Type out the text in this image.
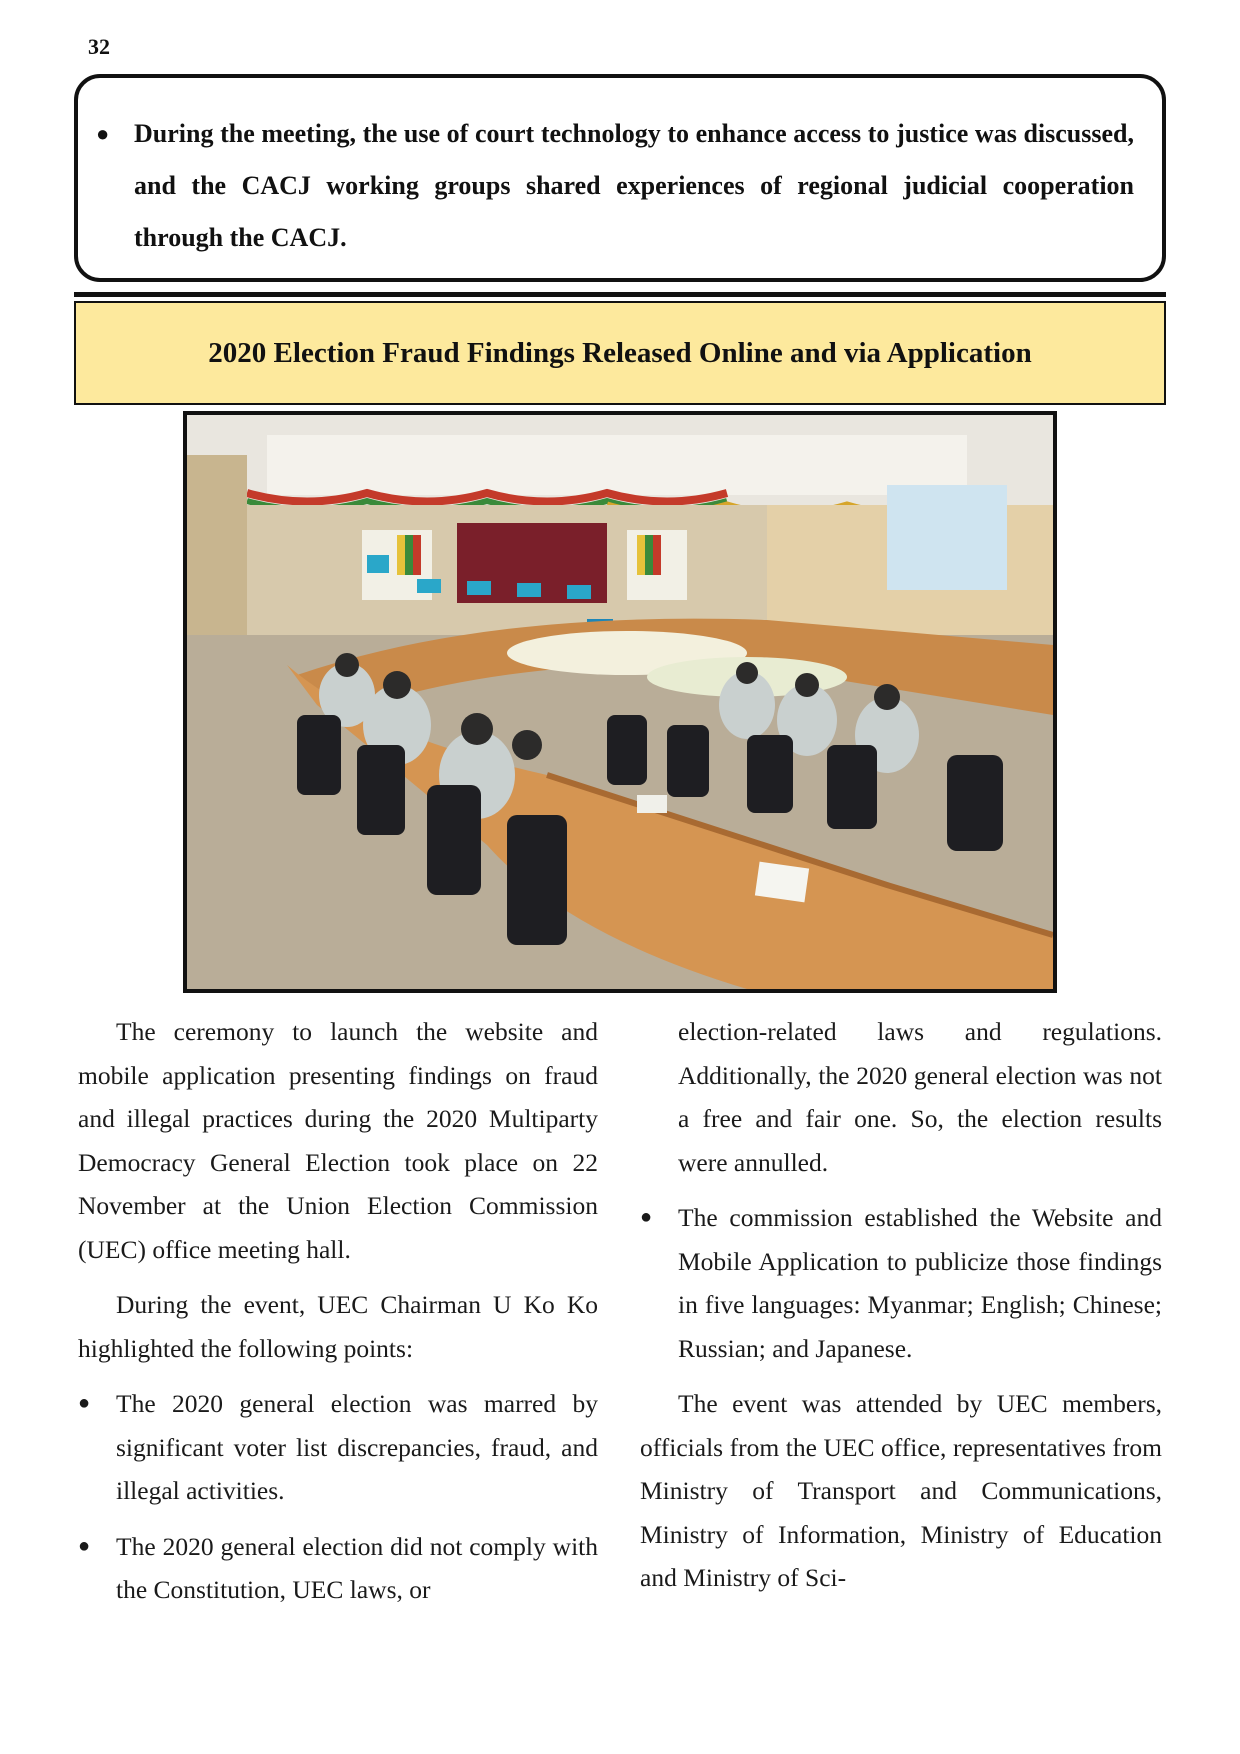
32
● During the meeting, the use of court technology to enhance access to justice was discussed, and the CACJ working groups shared experiences of regional judicial cooperation through the CACJ.
2020 Election Fraud Findings Released Online and via Application

The ceremony to launch the website and mobile application presenting findings on fraud and illegal practices during the 2020 Multiparty Democracy General Election took place on 22 November at the Union Election Commission (UEC) office meeting hall.

During the event, UEC Chairman U Ko Ko highlighted the following points:

● The 2020 general election was marred by significant voter list discrepancies, fraud, and illegal activities.
● The 2020 general election did not comply with the Constitution, UEC laws, or
election-related laws and regulations. Additionally, the 2020 general election was not a free and fair one. So, the election results were annulled.
● The commission established the Website and Mobile Application to publicize those findings in five languages: Myanmar; English; Chinese; Russian; and Japanese.

The event was attended by UEC members, officials from the UEC office, representatives from Ministry of Transport and Communications, Ministry of Information, Ministry of Education and Ministry of Sci-
